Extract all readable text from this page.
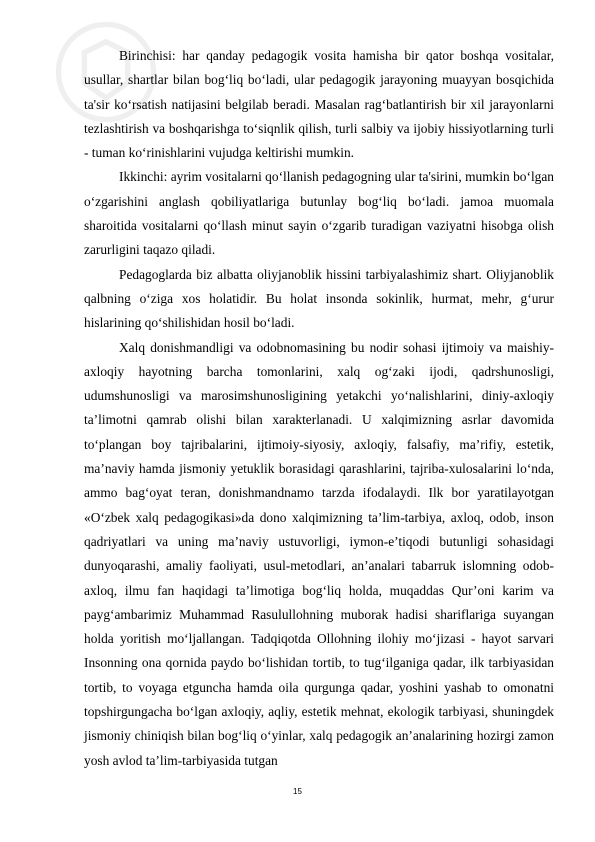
Birinchisi: har qanday pedagogik vosita hamisha bir qator boshqa vositalar, usullar, shartlar bilan bog‘liq bo‘ladi, ular pedagogik jarayoning muayyan bosqichida ta'sir ko‘rsatish natijasini belgilab beradi. Masalan rag‘batlantirish bir xil jarayonlarni tezlashtirish va boshqarishga to‘siqnlik qilish, turli salbiy va ijobiy hissiyotlarning turli - tuman ko‘rinishlarini vujudga keltirishi mumkin.

Ikkinchi: ayrim vositalarni qo‘llanish pedagogning ular ta'sirini, mumkin bo‘lgan o‘zgarishini anglash qobiliyatlariga butunlay bog‘liq bo‘ladi. jamoa muomala sharoitida vositalarni qo‘llash minut sayin o‘zgarib turadigan vaziyatni hisobga olish zarurligini taqazo qiladi.

Pedagoglarda biz albatta oliyjanoblik hissini tarbiyalashimiz shart. Oliyjanoblik qalbning o‘ziga xos holatidir. Bu holat insonda sokinlik, hurmat, mehr, g‘urur hislarining qo‘shilishidan hosil bo‘ladi.

Xalq donishmandligi va odobnomasining bu nodir sohasi ijtimoiy va maishiy-axloqiy hayotning barcha tomonlarini, xalq og‘zaki ijodi, qadrshunosligi, udumshunosligi va marosimshunosligining yetakchi yo‘nalishlarini, diniy-axloqiy ta’limotni qamrab olishi bilan xarakterlanadi. U xalqimizning asrlar davomida to‘plangan boy tajribalarini, ijtimoiy-siyosiy, axloqiy, falsafiy, ma’rifiy, estetik, ma’naviy hamda jismoniy yetuklik borasidagi qarashlarini, tajriba-xulosalarini lo‘nda, ammo bag‘oyat teran, donishmandnamo tarzda ifodalaydi. Ilk bor yaratilayotgan «O‘zbek xalq pedagogikasi»da dono xalqimizning ta’lim-tarbiya, axloq, odob, inson qadriyatlari va uning ma’naviy ustuvorligi, iymon-e’tiqodi butunligi sohasidagi dunyoqarashi, amaliy faoliyati, usul-metodlari, an’analari tabarruk islomning odob-axloq, ilmu fan haqidagi ta’limotiga bog‘liq holda, muqaddas Qur’oni karim va payg‘ambarimiz Muhammad Rasulullohning muborak hadisi shariflariga suyangan holda yoritish mo‘ljallangan. Tadqiqotda Ollohning ilohiy mo‘jizasi - hayot sarvari Insonning ona qornida paydo bo‘lishidan tortib, to tug‘ilganiga qadar, ilk tarbiyasidan tortib, to voyaga etguncha hamda oila qurgunga qadar, yoshini yashab to omonatni topshirgungacha bo‘lgan axloqiy, aqliy, estetik mehnat, ekologik tarbiyasi, shuningdek jismoniy chiniqish bilan bog‘liq o‘yinlar, xalq pedagogik an’analarining hozirgi zamon yosh avlod ta’lim-tarbiyasida tutgan

15
